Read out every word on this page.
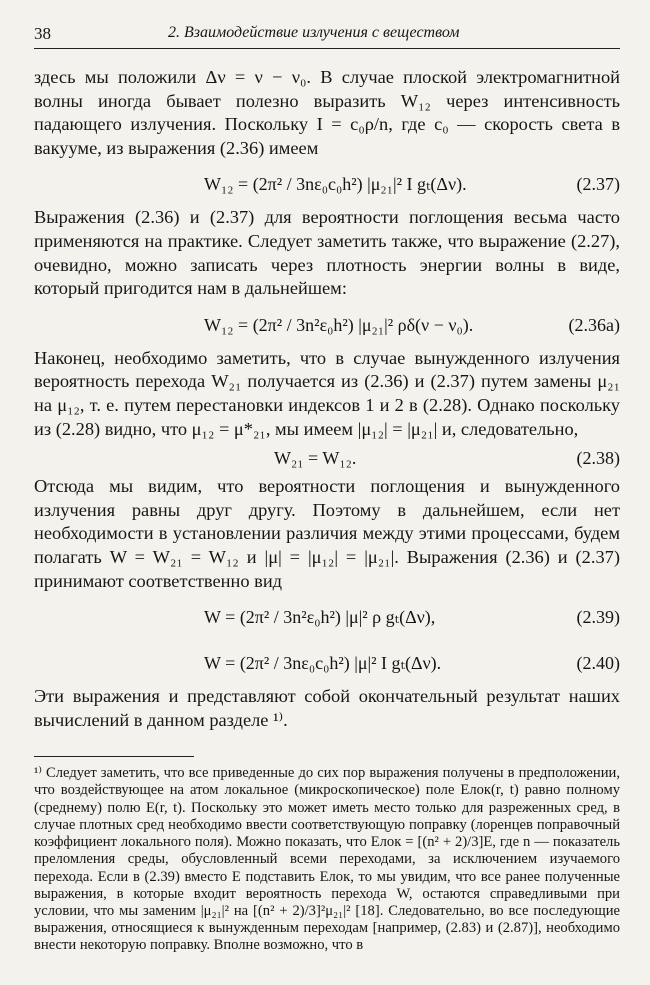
38	2. Взаимодействие излучения с веществом

здесь мы положили Δν = ν − ν₀. В случае плоской электромагнитной волны иногда бывает полезно выразить W₁₂ через интенсивность падающего излучения. Поскольку I = c₀ρ/n, где c₀ — скорость света в вакууме, из выражения (2.36) имеем

W₁₂ = (2π² / 3nε₀c₀h²) |μ₂₁|² I gₜ(Δν).	(2.37)

Выражения (2.36) и (2.37) для вероятности поглощения весьма часто применяются на практике. Следует заметить также, что выражение (2.27), очевидно, можно записать через плотность энергии волны в виде, который пригодится нам в дальнейшем:

W₁₂ = (2π² / 3n²ε₀h²) |μ₂₁|² ρδ(ν − ν₀).	(2.36а)

Наконец, необходимо заметить, что в случае вынужденного излучения вероятность перехода W₂₁ получается из (2.36) и (2.37) путем замены μ₂₁ на μ₁₂, т. е. путем перестановки индексов 1 и 2 в (2.28). Однако поскольку из (2.28) видно, что μ₁₂ = μ*₂₁, мы имеем |μ₁₂| = |μ₂₁| и, следовательно,

W₂₁ = W₁₂.	(2.38)

Отсюда мы видим, что вероятности поглощения и вынужденного излучения равны друг другу. Поэтому в дальнейшем, если нет необходимости в установлении различия между этими процессами, будем полагать W = W₂₁ = W₁₂ и |μ| = |μ₁₂| = |μ₂₁|. Выражения (2.36) и (2.37) принимают соответственно вид

W = (2π² / 3n²ε₀h²) |μ|² ρ gₜ(Δν),	(2.39)
W = (2π² / 3nε₀c₀h²) |μ|² I gₜ(Δν).	(2.40)

Эти выражения и представляют собой окончательный результат наших вычислений в данном разделе ¹⁾.

¹⁾ Следует заметить, что все приведенные до сих пор выражения получены в предположении, что воздействующее на атом локальное (микроскопическое) поле Eлок(r, t) равно полному (среднему) полю E(r, t). Поскольку это может иметь место только для разреженных сред, в случае плотных сред необходимо ввести соответствующую поправку (лоренцев поправочный коэффициент локального поля). Можно показать, что Eлок = [(n² + 2)/3]E, где n — показатель преломления среды, обусловленный всеми переходами, за исключением изучаемого перехода. Если в (2.39) вместо E подставить Eлок, то мы увидим, что все ранее полученные выражения, в которые входит вероятность перехода W, остаются справедливыми при условии, что мы заменим |μ₂₁|² на [(n² + 2)/3]²μ₂₁|² [18]. Следовательно, во все последующие выражения, относящиеся к вынужденным переходам [например, (2.83) и (2.87)], необходимо внести некоторую поправку. Вполне возможно, что в
